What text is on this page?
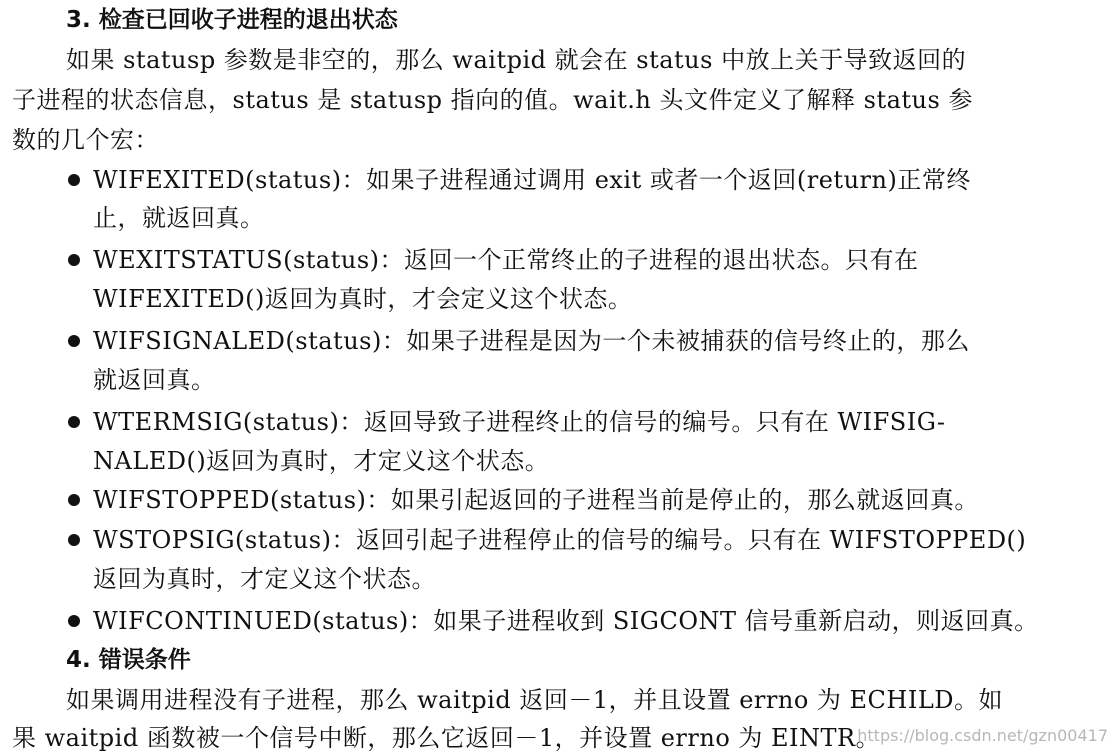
3. 检查已回收子进程的退出状态
如果 statusp 参数是非空的，那么 waitpid 就会在 status 中放上关于导致返回的
子进程的状态信息，status 是 statusp 指向的值。wait.h 头文件定义了解释 status 参
数的几个宏：
WIFEXITED(status)：如果子进程通过调用 exit 或者一个返回(return)正常终
止，就返回真。
WEXITSTATUS(status)：返回一个正常终止的子进程的退出状态。只有在
WIFEXITED()返回为真时，才会定义这个状态。
WIFSIGNALED(status)：如果子进程是因为一个未被捕获的信号终止的，那么
就返回真。
WTERMSIG(status)：返回导致子进程终止的信号的编号。只有在 WIFSIG-
NALED()返回为真时，才定义这个状态。
WIFSTOPPED(status)：如果引起返回的子进程当前是停止的，那么就返回真。
WSTOPSIG(status)：返回引起子进程停止的信号的编号。只有在 WIFSTOPPED()
返回为真时，才定义这个状态。
WIFCONTINUED(status)：如果子进程收到 SIGCONT 信号重新启动，则返回真。
4. 错误条件
如果调用进程没有子进程，那么 waitpid 返回－1，并且设置 errno 为 ECHILD。如
果 waitpid 函数被一个信号中断，那么它返回－1，并设置 errno 为 EINTR。
https://blog.csdn.net/gzn00417
